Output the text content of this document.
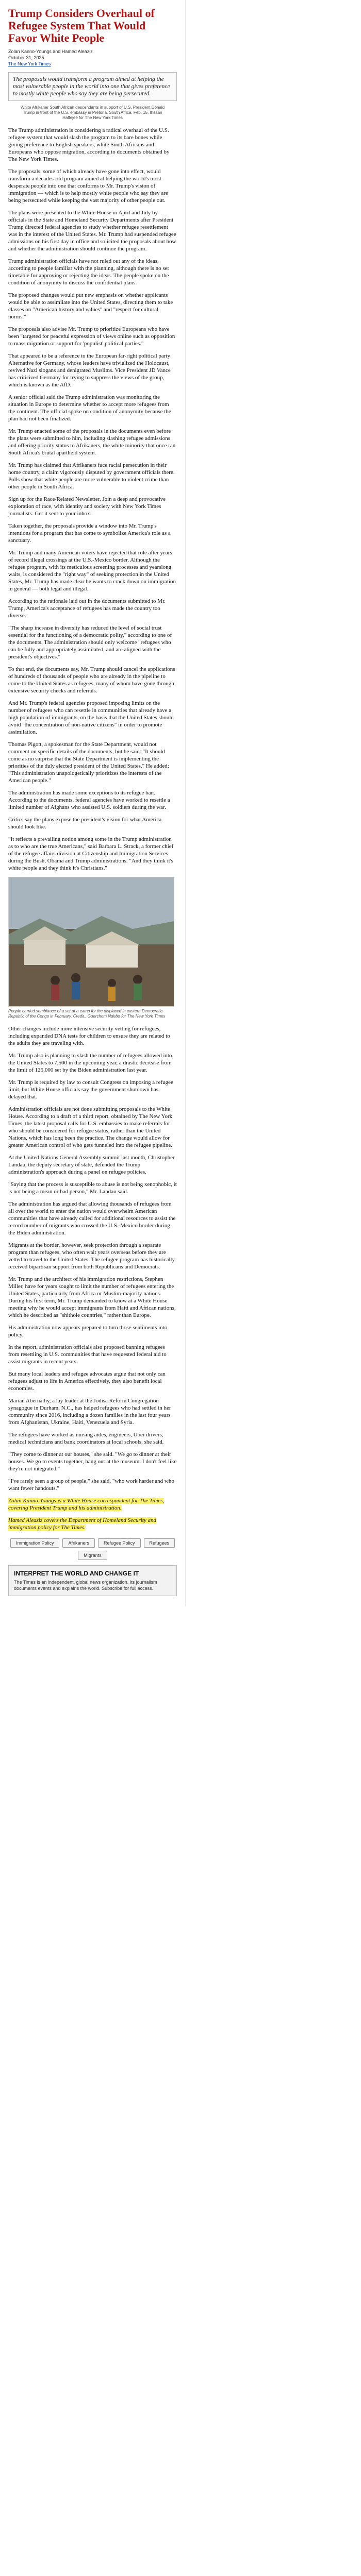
Trump Considers Overhaul of Refugee System That Would Favor White People

Zolan Kanno-Youngs and Hamed Aleaziz

October 31, 2025

The New York Times

The proposals would transform a program aimed at helping the most vulnerable people in the world into one that gives preference to mostly white people who say they are being persecuted.

White Afrikaner South African descendants in support of U.S. President Donald Trump in front of the U.S. embassy in Pretoria, South Africa, Feb. 15. Ihsaan Haffejee for The New York Times

The Trump administration is considering a radical overhaul of the U.S. refugee system that would slash the program to its bare bones while giving preference to English speakers, white South Africans and Europeans who oppose migration, according to documents obtained by The New York Times.

The proposals, some of which already have gone into effect, would transform a decades-old program aimed at helping the world's most desperate people into one that conforms to Mr. Trump's vision of immigration — which is to help mostly white people who say they are being persecuted while keeping the vast majority of other people out.

The plans were presented to the White House in April and July by officials in the State and Homeland Security Departments after President Trump directed federal agencies to study whether refugee resettlement was in the interest of the United States. Mr. Trump had suspended refugee admissions on his first day in office and solicited the proposals about how and whether the administration should continue the program.

Trump administration officials have not ruled out any of the ideas, according to people familiar with the planning, although there is no set timetable for approving or rejecting the ideas. The people spoke on the condition of anonymity to discuss the confidential plans.

The proposed changes would put new emphasis on whether applicants would be able to assimilate into the United States, directing them to take classes on "American history and values" and "respect for cultural norms."

The proposals also advise Mr. Trump to prioritize Europeans who have been "targeted for peaceful expression of views online such as opposition to mass migration or support for 'populist' political parties."

That appeared to be a reference to the European far-right political party Alternative for Germany, whose leaders have trivialized the Holocaust, revived Nazi slogans and denigrated Muslims. Vice President JD Vance has criticized Germany for trying to suppress the views of the group, which is known as the AfD.

A senior official said the Trump administration was monitoring the situation in Europe to determine whether to accept more refugees from the continent. The official spoke on condition of anonymity because the plan had not been finalized.

Mr. Trump enacted some of the proposals in the documents even before the plans were submitted to him, including slashing refugee admissions and offering priority status to Afrikaners, the white minority that once ran South Africa's brutal apartheid system.

Mr. Trump has claimed that Afrikaners face racial persecution in their home country, a claim vigorously disputed by government officials there. Polls show that white people are more vulnerable to violent crime than other people in South Africa.

Sign up for the Race/Related Newsletter. Join a deep and provocative exploration of race, with identity and society with New York Times journalists. Get it sent to your inbox.

Taken together, the proposals provide a window into Mr. Trump's intentions for a program that has come to symbolize America's role as a sanctuary.

Mr. Trump and many American voters have rejected that role after years of record illegal crossings at the U.S.-Mexico border. Although the refugee program, with its meticulous screening processes and yearslong waits, is considered the "right way" of seeking protection in the United States, Mr. Trump has made clear he wants to crack down on immigration in general — both legal and illegal.

According to the rationale laid out in the documents submitted to Mr. Trump, America's acceptance of refugees has made the country too diverse.

"The sharp increase in diversity has reduced the level of social trust essential for the functioning of a democratic polity," according to one of the documents. The administration should only welcome "refugees who can be fully and appropriately assimilated, and are aligned with the president's objectives."

To that end, the documents say, Mr. Trump should cancel the applications of hundreds of thousands of people who are already in the pipeline to come to the United States as refugees, many of whom have gone through extensive security checks and referrals.

And Mr. Trump's federal agencies proposed imposing limits on the number of refugees who can resettle in communities that already have a high population of immigrants, on the basis that the United States should avoid "the concentration of non-native citizens" in order to promote assimilation.

Thomas Pigott, a spokesman for the State Department, would not comment on specific details of the documents, but he said: "It should come as no surprise that the State Department is implementing the priorities of the duly elected president of the United States." He added: "This administration unapologetically prioritizes the interests of the American people."

The administration has made some exceptions to its refugee ban. According to the documents, federal agencies have worked to resettle a limited number of Afghans who assisted U.S. soldiers during the war.

Critics say the plans expose the president's vision for what America should look like.

"It reflects a prevailing notion among some in the Trump administration as to who are the true Americans," said Barbara L. Strack, a former chief of the refugee affairs division at Citizenship and Immigration Services during the Bush, Obama and Trump administrations. "And they think it's white people and they think it's Christians."

People carried semblance of a set at a camp for the displaced in eastern Democratic Republic of the Congo in February. Credit...Guerchom Ndebo for The New York Times

Other changes include more intensive security vetting for refugees, including expanded DNA tests for children to ensure they are related to the adults they are traveling with.

Mr. Trump also is planning to slash the number of refugees allowed into the United States to 7,500 in the upcoming year, a drastic decrease from the limit of 125,000 set by the Biden administration last year.

Mr. Trump is required by law to consult Congress on imposing a refugee limit, but White House officials say the government shutdown has delayed that.

Administration officials are not done submitting proposals to the White House. According to a draft of a third report, obtained by The New York Times, the latest proposal calls for U.S. embassies to make referrals for who should be considered for refugee status, rather than the United Nations, which has long been the practice. The change would allow for greater American control of who gets funneled into the refugee pipeline.

At the United Nations General Assembly summit last month, Christopher Landau, the deputy secretary of state, defended the Trump administration's approach during a panel on refugee policies.

"Saying that the process is susceptible to abuse is not being xenophobic, it is not being a mean or bad person," Mr. Landau said.

The administration has argued that allowing thousands of refugees from all over the world to enter the nation would overwhelm American communities that have already called for additional resources to assist the record number of migrants who crossed the U.S.-Mexico border during the Biden administration.

Migrants at the border, however, seek protection through a separate program than refugees, who often wait years overseas before they are vetted to travel to the United States. The refugee program has historically received bipartisan support from both Republicans and Democrats.

Mr. Trump and the architect of his immigration restrictions, Stephen Miller, have for years sought to limit the number of refugees entering the United States, particularly from Africa or Muslim-majority nations. During his first term, Mr. Trump demanded to know at a White House meeting why he would accept immigrants from Haiti and African nations, which he described as "shithole countries," rather than Europe.

His administration now appears prepared to turn those sentiments into policy.

In the report, administration officials also proposed banning refugees from resettling in U.S. communities that have requested federal aid to assist migrants in recent years.

But many local leaders and refugee advocates argue that not only can refugees adjust to life in America effectively, they also benefit local economies.

Marian Abernathy, a lay leader at the Jodisa Reform Congregation synagogue in Durham, N.C., has helped refugees who had settled in her community since 2016, including a dozen families in the last four years from Afghanistan, Ukraine, Haiti, Venezuela and Syria.

The refugees have worked as nursing aides, engineers, Uber drivers, medical technicians and bank coordinators at local schools, she said.

"They come to dinner at our houses," she said. "We go to dinner at their houses. We go to events together, hang out at the museum. I don't feel like they're not integrated."

"I've rarely seen a group of people," she said, "who work harder and who want fewer handouts."

Zolan Kanno-Youngs is a White House correspondent for The Times, covering President Trump and his administration.

Hamed Aleaziz covers the Department of Homeland Security and immigration policy for The Times.

Immigration Policy	Afrikaners	Refugee Policy	Refugees
Migrants

INTERPRET THE WORLD AND CHANGE IT

The Times is an independent, global news organization. Its journalism documents events and explains the world. Subscribe for full access.
